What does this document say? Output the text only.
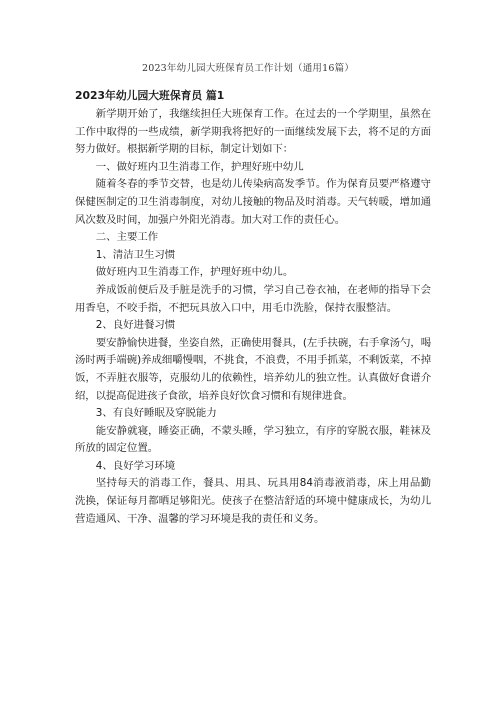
2023年幼儿园大班保育员工作计划（通用16篇）
2023年幼儿园大班保育员 篇1

新学期开始了，我继续担任大班保育工作。在过去的一个学期里，虽然在工作中取得的一些成绩，新学期我将把好的一面继续发展下去，将不足的方面努力做好。根据新学期的目标，制定计划如下：

一、做好班内卫生消毒工作，护理好班中幼儿

随着冬春的季节交替，也是幼儿传染病高发季节。作为保育员要严格遵守保健医制定的卫生消毒制度，对幼儿接触的物品及时消毒。天气转暖，增加通风次数及时间，加强户外阳光消毒。加大对工作的责任心。

二、主要工作

1、清洁卫生习惯

做好班内卫生消毒工作，护理好班中幼儿。

养成饭前便后及手脏是洗手的习惯，学习自己卷衣袖，在老师的指导下会用香皂，不咬手指，不把玩具放入口中，用毛巾洗脸，保持衣服整洁。

2、良好进餐习惯

要安静愉快进餐，坐姿自然，正确使用餐具，(左手扶碗，右手拿汤勺，喝汤时两手端碗)养成细嚼慢咽，不挑食，不浪费，不用手抓菜，不剩饭菜，不掉饭，不弄脏衣服等，克服幼儿的依赖性，培养幼儿的独立性。认真做好食谱介绍，以提高促进孩子食欲，培养良好饮食习惯和有规律进食。

3、有良好睡眠及穿脱能力

能安静就寝，睡姿正确，不蒙头睡，学习独立，有序的穿脱衣服，鞋袜及所放的固定位置。

4、良好学习环境

坚持每天的消毒工作，餐具、用具、玩具用84消毒液消毒，床上用品勤洗换，保证每月都晒足够阳光。使孩子在整洁舒适的环境中健康成长，为幼儿营造通风、干净、温馨的学习环境是我的责任和义务。
